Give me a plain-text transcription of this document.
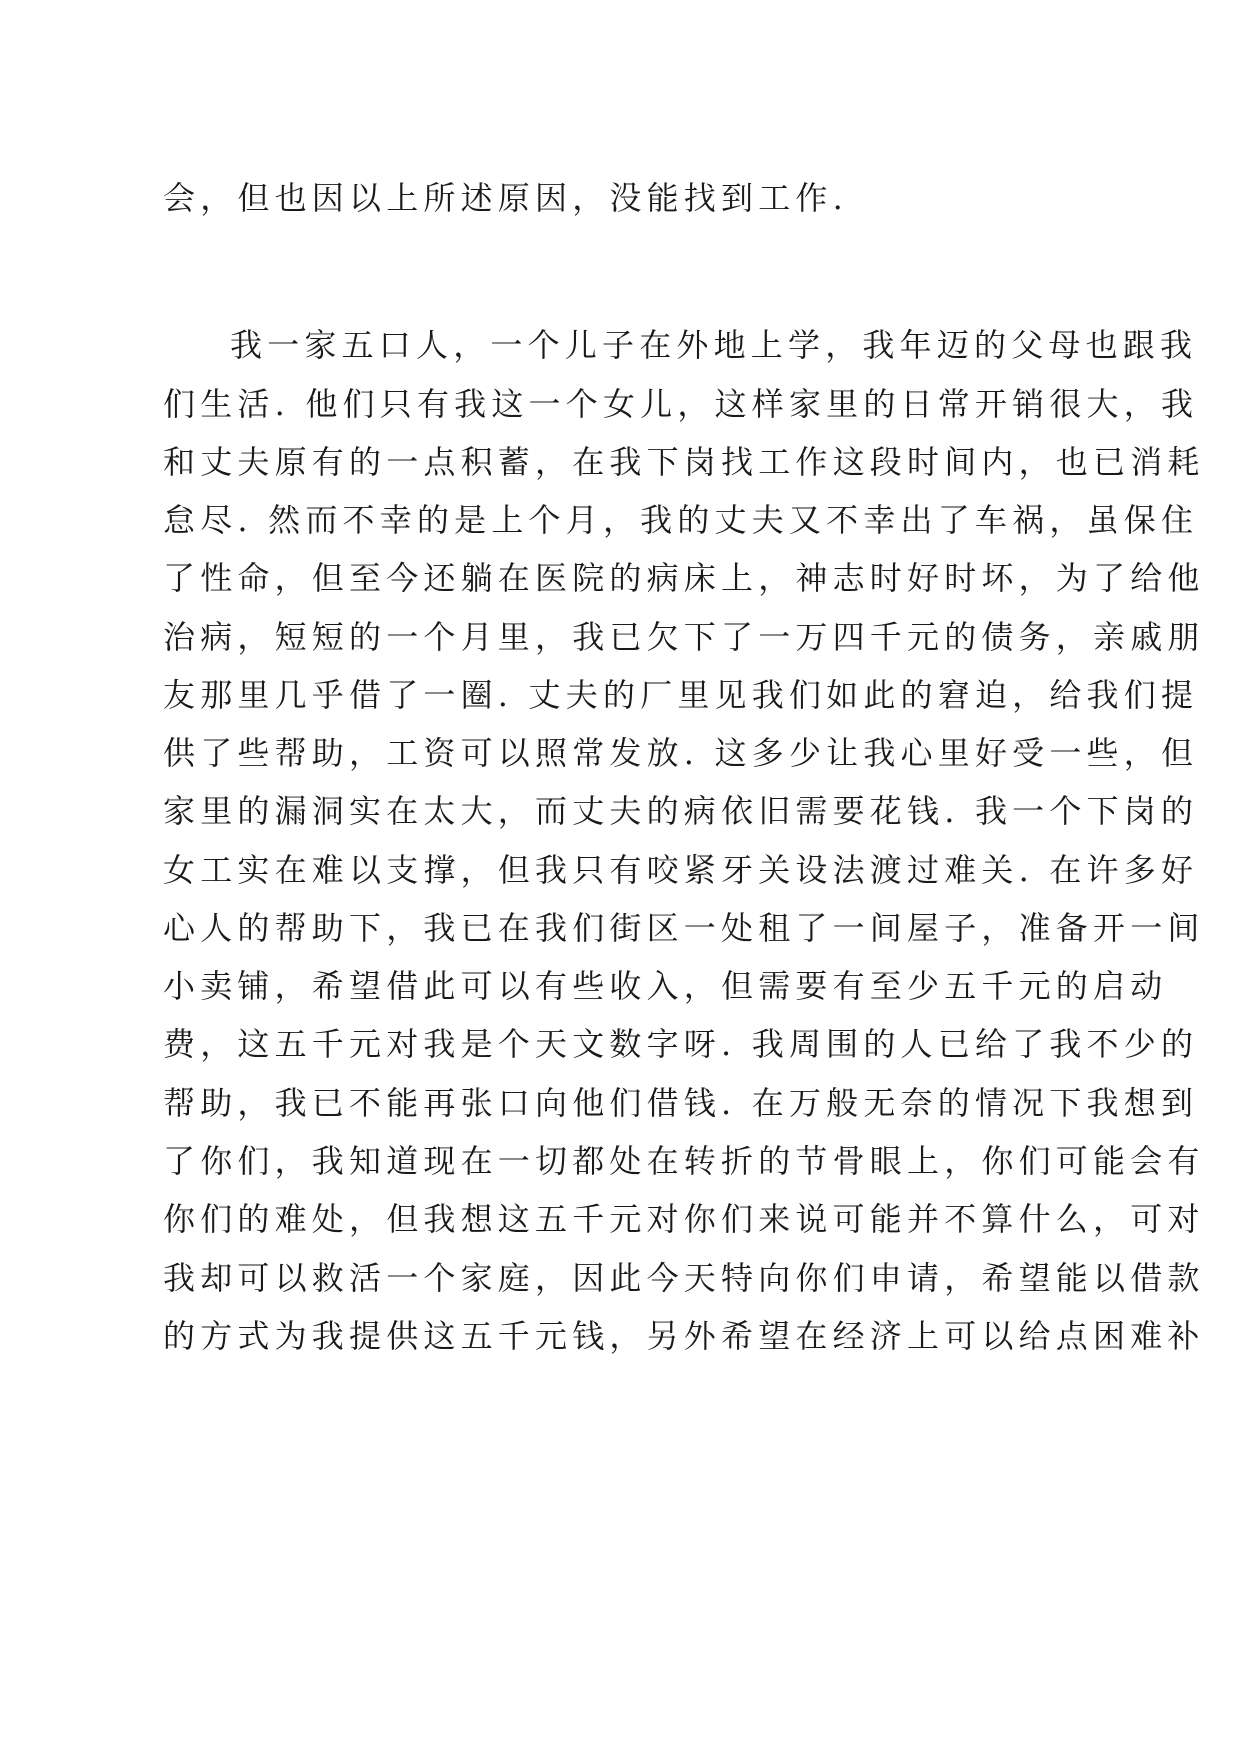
会，但也因以上所述原因，没能找到工作.
我一家五口人，一个儿子在外地上学，我年迈的父母也跟我
们生活. 他们只有我这一个女儿，这样家里的日常开销很大，我
和丈夫原有的一点积蓄，在我下岗找工作这段时间内，也已消耗
怠尽. 然而不幸的是上个月，我的丈夫又不幸出了车祸，虽保住
了性命，但至今还躺在医院的病床上，神志时好时坏，为了给他
治病，短短的一个月里，我已欠下了一万四千元的债务，亲戚朋
友那里几乎借了一圈. 丈夫的厂里见我们如此的窘迫，给我们提
供了些帮助，工资可以照常发放. 这多少让我心里好受一些，但
家里的漏洞实在太大，而丈夫的病依旧需要花钱. 我一个下岗的
女工实在难以支撑，但我只有咬紧牙关设法渡过难关. 在许多好
心人的帮助下，我已在我们街区一处租了一间屋子，准备开一间
小卖铺，希望借此可以有些收入，但需要有至少五千元的启动
费，这五千元对我是个天文数字呀. 我周围的人已给了我不少的
帮助，我已不能再张口向他们借钱. 在万般无奈的情况下我想到
了你们，我知道现在一切都处在转折的节骨眼上，你们可能会有
你们的难处，但我想这五千元对你们来说可能并不算什么，可对
我却可以救活一个家庭，因此今天特向你们申请，希望能以借款
的方式为我提供这五千元钱，另外希望在经济上可以给点困难补
